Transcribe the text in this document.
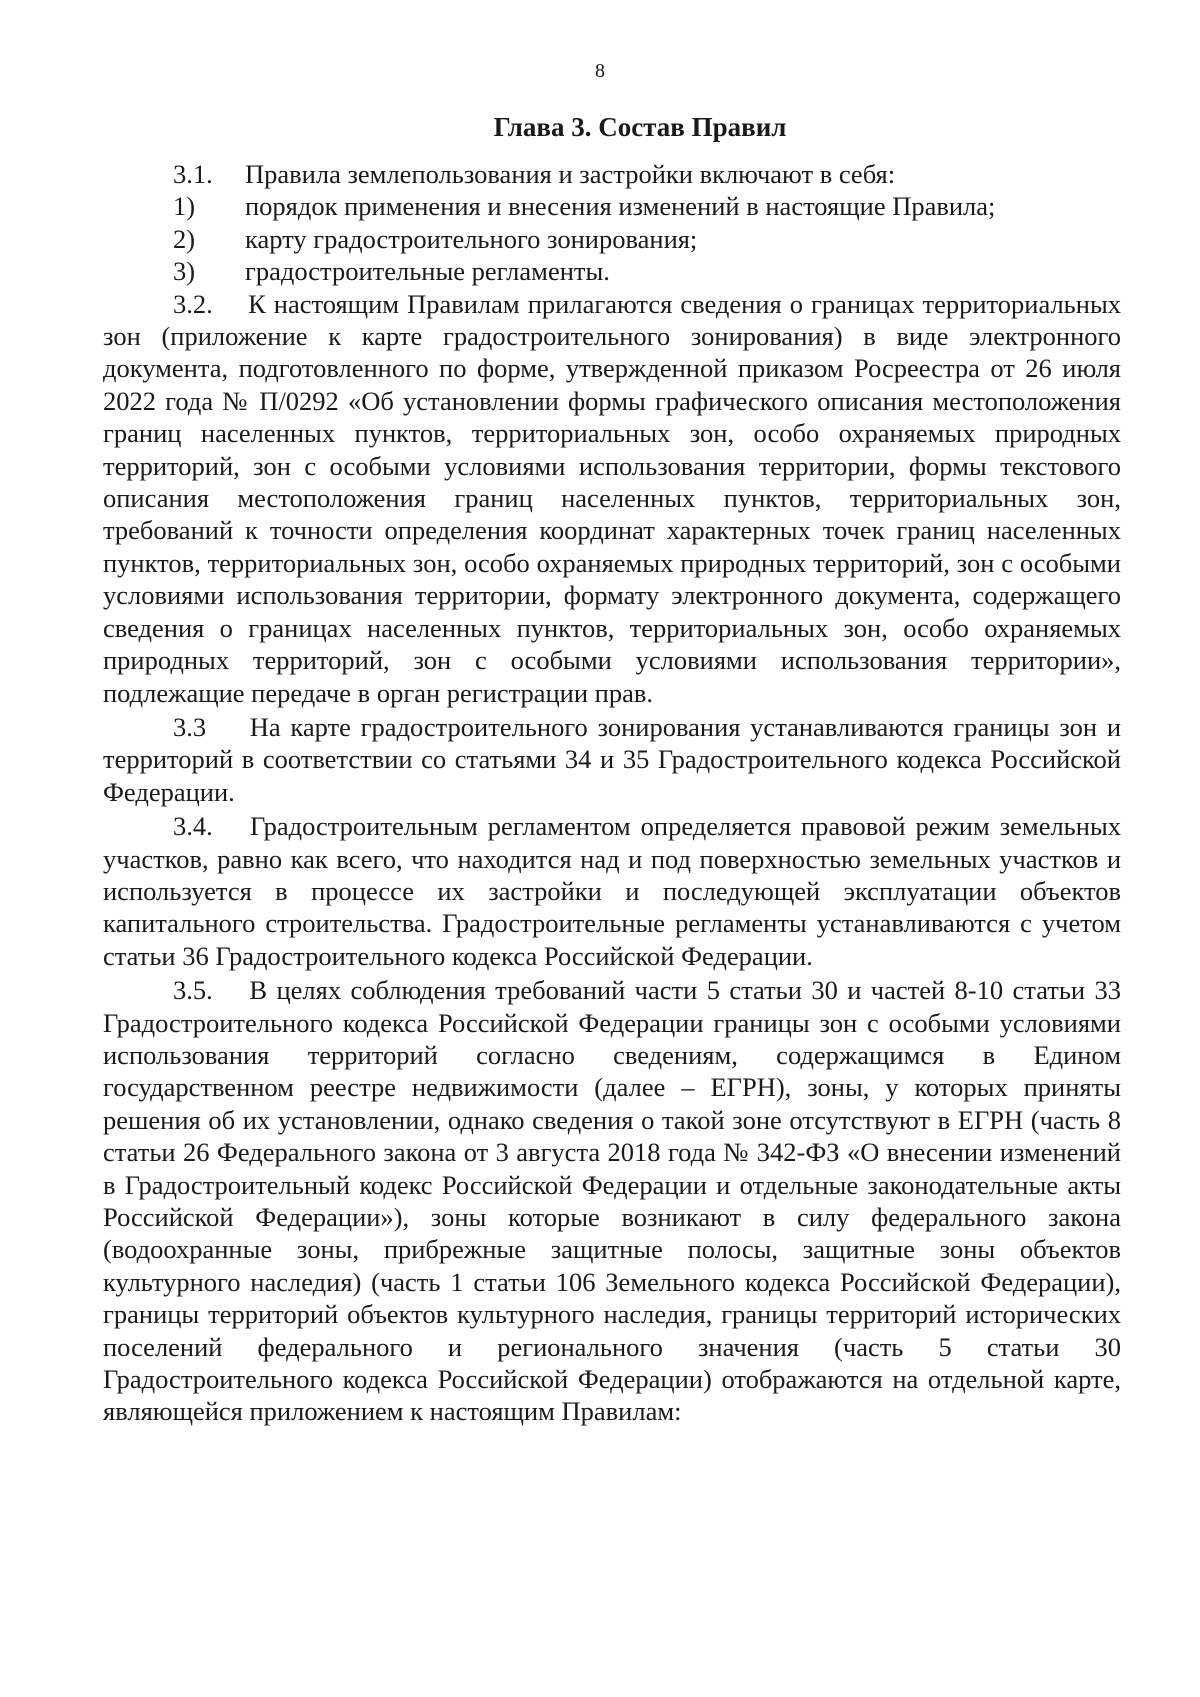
8
Глава 3. Состав Правил
3.1.	Правила землепользования и застройки включают в себя:
1)	порядок применения и внесения изменений в настоящие Правила;
2)	карту градостроительного зонирования;
3)	градостроительные регламенты.

3.2. К настоящим Правилам прилагаются сведения о границах территориальных зон (приложение к карте градостроительного зонирования) в виде электронного документа, подготовленного по форме, утвержденной приказом Росреестра от 26 июля 2022 года № П/0292 «Об установлении формы графического описания местоположения границ населенных пунктов, территориальных зон, особо охраняемых природных территорий, зон с особыми условиями использования территории, формы текстового описания местоположения границ населенных пунктов, территориальных зон, требований к точности определения координат характерных точек границ населенных пунктов, территориальных зон, особо охраняемых природных территорий, зон с особыми условиями использования территории, формату электронного документа, содержащего сведения о границах населенных пунктов, территориальных зон, особо охраняемых природных территорий, зон с особыми условиями использования территории», подлежащие передаче в орган регистрации прав.

3.3 На карте градостроительного зонирования устанавливаются границы зон и территорий в соответствии со статьями 34 и 35 Градостроительного кодекса Российской Федерации.

3.4. Градостроительным регламентом определяется правовой режим земельных участков, равно как всего, что находится над и под поверхностью земельных участков и используется в процессе их застройки и последующей эксплуатации объектов капитального строительства. Градостроительные регламенты устанавливаются с учетом статьи 36 Градостроительного кодекса Российской Федерации.

3.5. В целях соблюдения требований части 5 статьи 30 и частей 8-10 статьи 33 Градостроительного кодекса Российской Федерации границы зон с особыми условиями использования территорий согласно сведениям, содержащимся в Едином государственном реестре недвижимости (далее – ЕГРН), зоны, у которых приняты решения об их установлении, однако сведения о такой зоне отсутствуют в ЕГРН (часть 8 статьи 26 Федерального закона от 3 августа 2018 года № 342-ФЗ «О внесении изменений в Градостроительный кодекс Российской Федерации и отдельные законодательные акты Российской Федерации»), зоны которые возникают в силу федерального закона (водоохранные зоны, прибрежные защитные полосы, защитные зоны объектов культурного наследия) (часть 1 статьи 106 Земельного кодекса Российской Федерации), границы территорий объектов культурного наследия, границы территорий исторических поселений федерального и регионального значения (часть 5 статьи 30 Градостроительного кодекса Российской Федерации) отображаются на отдельной карте, являющейся приложением к настоящим Правилам:
